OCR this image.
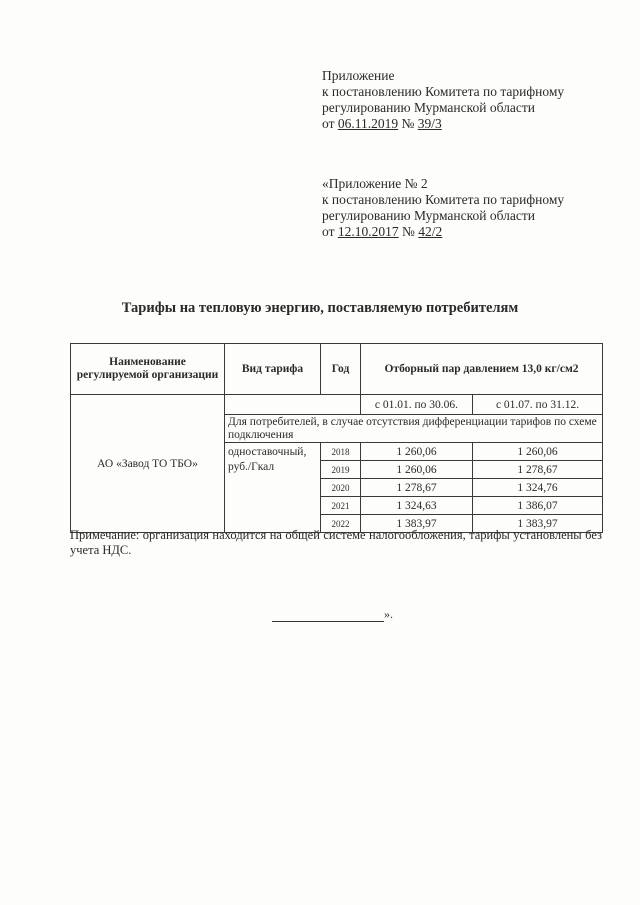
Приложение
к постановлению Комитета по тарифному
регулированию Мурманской области
от 06.11.2019 № 39/3
«Приложение № 2
к постановлению Комитета по тарифному
регулированию Мурманской области
от 12.10.2017 № 42/2
Тарифы на тепловую энергию, поставляемую потребителям
Наименование регулируемой организации	Вид тарифа	Год	Отборный пар давлением 13,0 кг/см2	
АО «Завод ТО ТБО»			с 01.01. по 30.06.	с 01.07. по 31.12.
	Для потребителей, в случае отсутствия дифференциации тарифов по схеме подключения			
	одноставочный, руб./Гкал	2018	1 260,06	1 260,06
		2019	1 260,06	1 278,67
		2020	1 278,67	1 324,76
		2021	1 324,63	1 386,07
		2022	1 383,97	1 383,97
Примечание: организация находится на общей системе налогообложения, тарифы установлены без учета НДС.
».
